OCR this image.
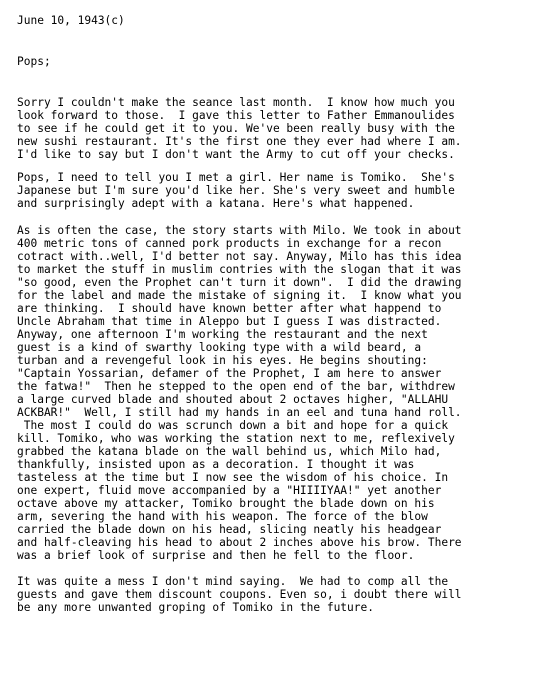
June 10, 1943(c)

Pops;

Sorry I couldn't make the seance last month.  I know how much you

look forward to those.  I gave this letter to Father Emmanoulides

to see if he could get it to you. We've been really busy with the

new sushi restaurant. It's the first one they ever had where I am.

I'd like to say but I don't want the Army to cut off your checks.

Pops, I need to tell you I met a girl. Her name is Tomiko.  She's

Japanese but I'm sure you'd like her. She's very sweet and humble

and surprisingly adept with a katana. Here's what happened.

As is often the case, the story starts with Milo. We took in about

400 metric tons of canned pork products in exchange for a recon

cotract with..well, I'd better not say. Anyway, Milo has this idea

to market the stuff in muslim contries with the slogan that it was

"so good, even the Prophet can't turn it down".  I did the drawing

for the label and made the mistake of signing it.  I know what you

are thinking.  I should have known better after what happend to

Uncle Abraham that time in Aleppo but I guess I was distracted.

Anyway, one afternoon I'm working the restaurant and the next

guest is a kind of swarthy looking type with a wild beard, a

turban and a revengeful look in his eyes. He begins shouting:

"Captain Yossarian, defamer of the Prophet, I am here to answer

the fatwa!"  Then he stepped to the open end of the bar, withdrew

a large curved blade and shouted about 2 octaves higher, "ALLAHU

ACKBAR!"  Well, I still had my hands in an eel and tuna hand roll.

The most I could do was scrunch down a bit and hope for a quick

kill. Tomiko, who was working the station next to me, reflexively

grabbed the katana blade on the wall behind us, which Milo had,

thankfully, insisted upon as a decoration. I thought it was

tasteless at the time but I now see the wisdom of his choice. In

one expert, fluid move accompanied by a "HIIIIYAA!" yet another

octave above my attacker, Tomiko brought the blade down on his

arm, severing the hand with his weapon. The force of the blow

carried the blade down on his head, slicing neatly his headgear

and half-cleaving his head to about 2 inches above his brow. There

was a brief look of surprise and then he fell to the floor.

It was quite a mess I don't mind saying.  We had to comp all the

guests and gave them discount coupons. Even so, i doubt there will

be any more unwanted groping of Tomiko in the future.
